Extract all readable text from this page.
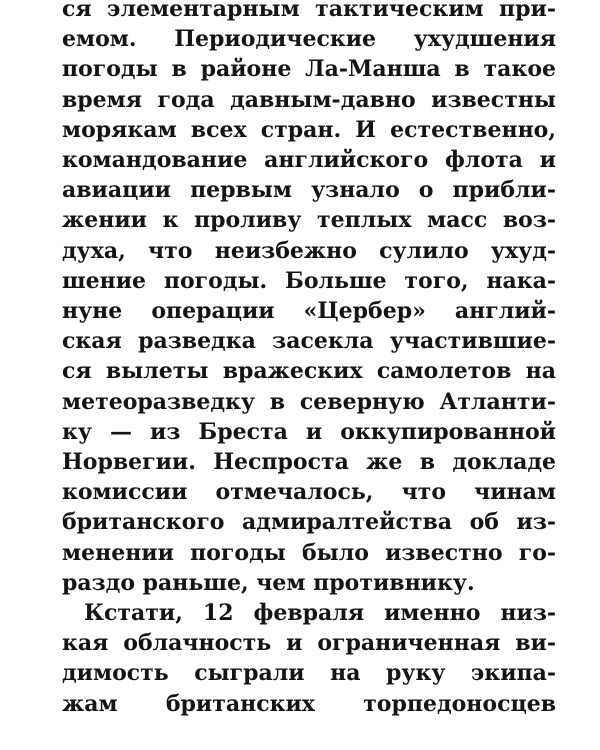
ся элементарным тактическим при-
емом. Периодические ухудшения
погоды в районе Ла-Манша в такое
время года давным-давно известны
морякам всех стран. И естественно,
командование английского флота и
авиации первым узнало о прибли-
жении к проливу теплых масс воз-
духа, что неизбежно сулило ухуд-
шение погоды. Больше того, нака-
нуне операции «Цербер» англий-
ская разведка засекла участившие-
ся вылеты вражеских самолетов на
метеоразведку в северную Атланти-
ку — из Бреста и оккупированной
Норвегии. Неспроста же в докладе
комиссии отмечалось, что чинам
британского адмиралтейства об из-
менении погоды было известно го-
раздо раньше, чем противнику.
Кстати, 12 февраля именно низ-
кая облачность и ограниченная ви-
димость сыграли на руку экипа-
жам британских торпедоносцев
